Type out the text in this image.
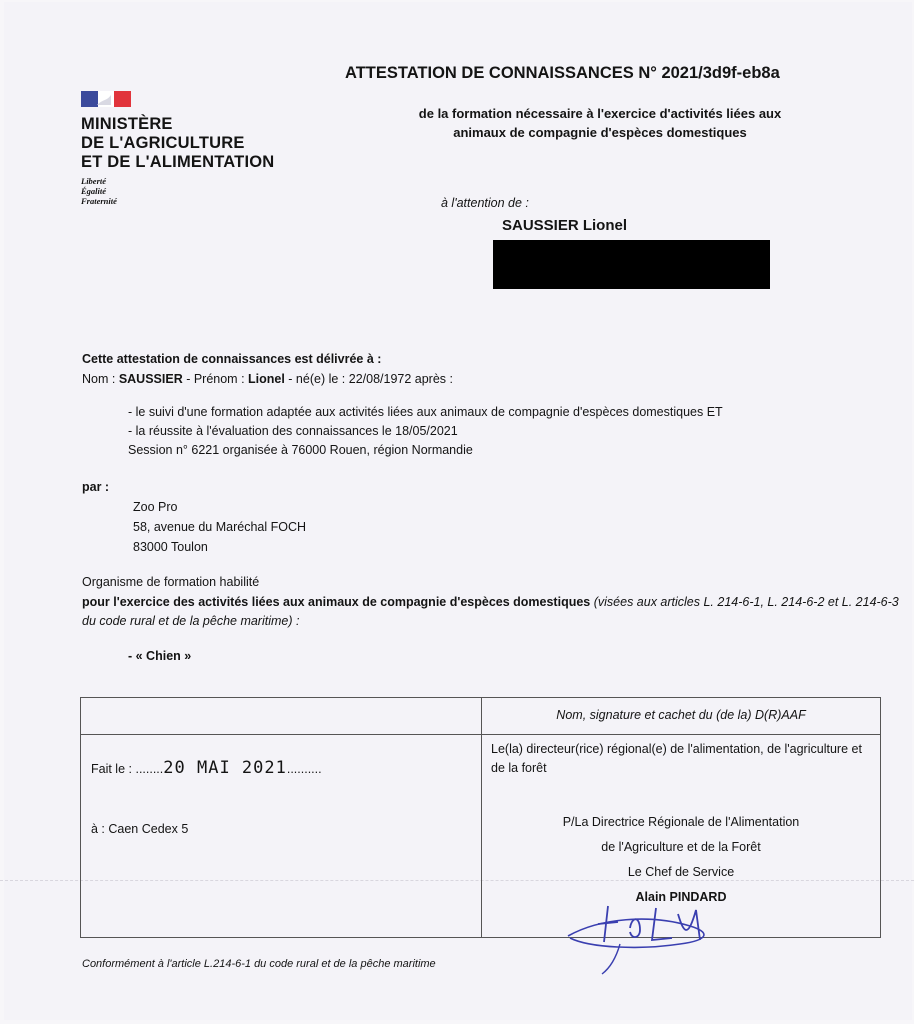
MINISTÈRE
DE L'AGRICULTURE
ET DE L'ALIMENTATION
Liberté
Égalité
Fraternité
ATTESTATION DE CONNAISSANCES N° 2021/3d9f-eb8a
de la formation nécessaire à l'exercice d'activités liées aux
animaux de compagnie d'espèces domestiques
à l'attention de :
SAUSSIER Lionel
Cette attestation de connaissances est délivrée à :
Nom : SAUSSIER - Prénom : Lionel - né(e) le : 22/08/1972 après :
- le suivi d'une formation adaptée aux activités liées aux animaux de compagnie d'espèces domestiques ET
- la réussite à l'évaluation des connaissances le 18/05/2021
Session n° 6221 organisée à 76000 Rouen, région Normandie
par :
Zoo Pro
58, avenue du Maréchal FOCH
83000 Toulon
Organisme de formation habilité
pour l'exercice des activités liées aux animaux de compagnie d'espèces domestiques (visées aux articles L. 214-6-1, L. 214-6-2 et L. 214-6-3 du code rural et de la pêche maritime) :
- « Chien »
Nom, signature et cachet du (de la) D(R)AAF
Fait le : ........20 MAI 2021..........
à : Caen Cedex 5
Le(la) directeur(rice) régional(e) de l'alimentation, de l'agriculture et de la forêt
P/La Directrice Régionale de l'Alimentation
de l'Agriculture et de la Forêt
Le Chef de Service
Alain PINDARD
Conformément à l'article L.214-6-1 du code rural et de la pêche maritime
